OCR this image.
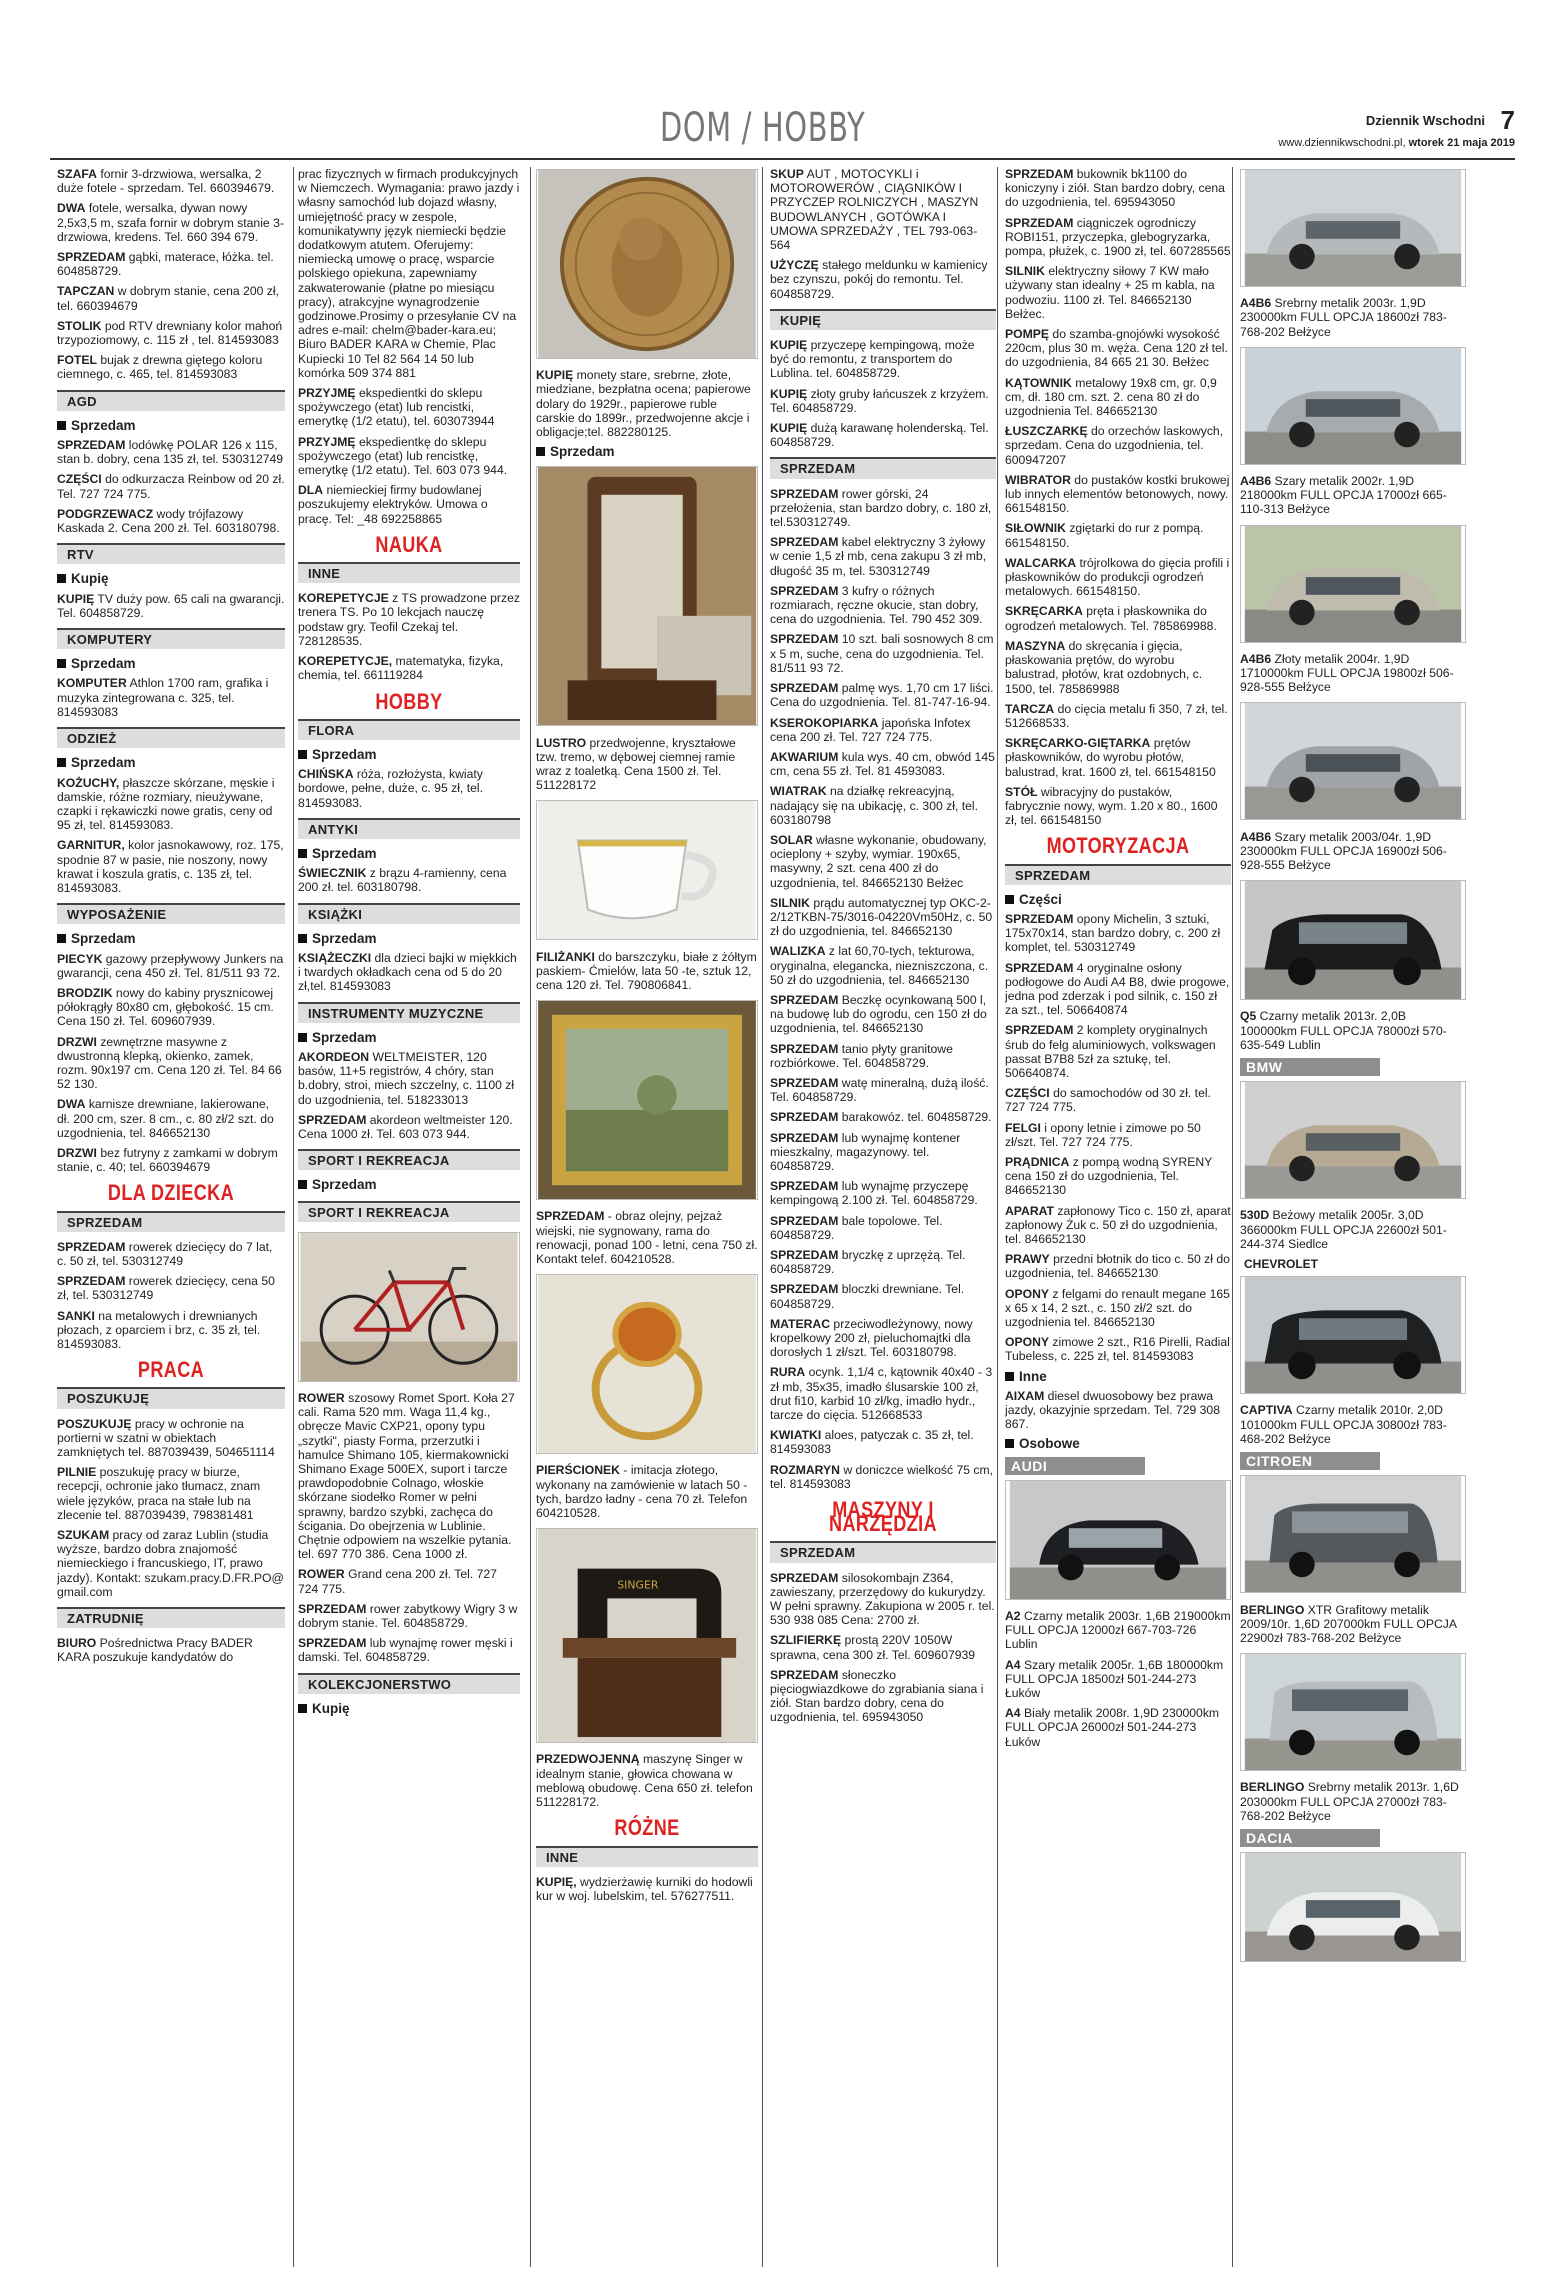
DOM / HOBBY	Dziennik Wschodni 7
www.dziennikwschodni.pl, wtorek 21 maja 2019
SZAFA fornir 3-drzwiowa, wersalka, 2 duże fotele - sprzedam. Tel. 660394679.
DWA fotele, wersalka, dywan nowy 2,5x3,5 m, szafa fornir w dobrym stanie 3-drzwiowa, kredens. Tel. 660 394 679.
SPRZEDAM gąbki, materace, łóżka. tel. 604858729.
TAPCZAN w dobrym stanie, cena 200 zł, tel. 660394679
STOLIK pod RTV drewniany kolor mahoń trzypoziomowy, c. 115 zł , tel. 814593083
FOTEL bujak z drewna giętego koloru ciemnego, c. 465, tel. 814593083
AGD
Sprzedam
SPRZEDAM lodówkę POLAR 126 x 115, stan b. dobry, cena 135 zł, tel. 530312749
CZĘŚCI do odkurzacza Reinbow od 20 zł. Tel. 727 724 775.
PODGRZEWACZ wody trójfazowy Kaskada 2. Cena 200 zł. Tel. 603180798.
RTV
Kupię
KUPIĘ TV duży pow. 65 cali na gwarancji. Tel. 604858729.
KOMPUTERY
Sprzedam
KOMPUTER Athlon 1700 ram, grafika i muzyka zintegrowana c. 325, tel. 814593083
ODZIEŻ
Sprzedam
KOŻUCHY, płaszcze skórzane, męskie i damskie, różne rozmiary, nieużywane, czapki i rękawiczki nowe gratis, ceny od 95 zł, tel. 814593083.
GARNITUR, kolor jasnokawowy, roz. 175, spodnie 87 w pasie, nie noszony, nowy krawat i koszula gratis, c. 135 zł, tel. 814593083.
WYPOSAŻENIE
Sprzedam
PIECYK gazowy przepływowy Junkers na gwarancji, cena 450 zł. Tel. 81/511 93 72.
BRODZIK nowy do kabiny prysznicowej półokrągły 80x80 cm, głębokość. 15 cm. Cena 150 zł. Tel. 609607939.
DRZWI zewnętrzne masywne z dwustronną klepką, okienko, zamek, rozm. 90x197 cm. Cena 120 zł. Tel. 84 66 52 130.
DWA karnisze drewniane, lakierowane, dł. 200 cm, szer. 8 cm., c. 80 zł/2 szt. do uzgodnienia, tel. 846652130
DRZWI bez futryny z zamkami w dobrym stanie, c. 40; tel. 660394679
DLA DZIECKA
SPRZEDAM
SPRZEDAM rowerek dziecięcy do 7 lat, c. 50 zł, tel. 530312749
SPRZEDAM rowerek dziecięcy, cena 50 zł, tel. 530312749
SANKI na metalowych i drewnianych płozach, z oparciem i brz, c. 35 zł, tel. 814593083.
PRACA
POSZUKUJĘ
POSZUKUJĘ pracy w ochronie na portierni w szatni w obiektach zamkniętych tel. 887039439, 504651114
PILNIE poszukuję pracy w biurze, recepcji, ochronie jako tłumacz, znam wiele języków, praca na stałe lub na zlecenie tel. 887039439, 798381481
SZUKAM pracy od zaraz Lublin (studia wyższe, bardzo dobra znajomość niemieckiego i francuskiego, IT, prawo jazdy). Kontakt: szukam.pracy.D.FR.PO@ gmail.com
ZATRUDNIĘ
BIURO Pośrednictwa Pracy BADER KARA poszukuje kandydatów do
prac fizycznych w firmach produkcyjnych w Niemczech. Wymagania: prawo jazdy i własny samochód lub dojazd własny, umiejętność pracy w zespole, komunikatywny język niemiecki będzie dodatkowym atutem. Oferujemy: niemiecką umowę o pracę, wsparcie polskiego opiekuna, zapewniamy zakwaterowanie (płatne po miesiącu pracy), atrakcyjne wynagrodzenie godzinowe.Prosimy o przesyłanie CV na adres e-mail: chelm@bader-kara.eu; Biuro BADER KARA w Chemie, Plac Kupiecki 10 Tel 82 564 14 50 lub komórka 509 374 881
PRZYJMĘ ekspedientki do sklepu spożywczego (etat) lub rencistki, emerytkę (1/2 etatu), tel. 603073944
PRZYJMĘ ekspedientkę do sklepu spożywczego (etat) lub rencistkę, emerytkę (1/2 etatu). Tel. 603 073 944.
DLA niemieckiej firmy budowlanej poszukujemy elektryków. Umowa o pracę. Tel: _48 692258865
NAUKA
INNE
KOREPETYCJE z TS prowadzone przez trenera TS. Po 10 lekcjach nauczę podstaw gry. Teofil Czekaj tel. 728128535.
KOREPETYCJE, matematyka, fizyka, chemia, tel. 661119284
HOBBY
FLORA
Sprzedam
CHIŃSKA róża, rozłożysta, kwiaty bordowe, pełne, duże, c. 95 zł, tel. 814593083.
ANTYKI
Sprzedam
ŚWIECZNIK z brązu 4-ramienny, cena 200 zł. tel. 603180798.
KSIĄŻKI
Sprzedam
KSIĄŻECZKI dla dzieci bajki w miękkich i twardych okładkach cena od 5 do 20 zł,tel. 814593083
INSTRUMENTY MUZYCZNE
Sprzedam
AKORDEON WELTMEISTER, 120 basów, 11+5 registrów, 4 chóry, stan b.dobry, stroi, miech szczelny, c. 1100 zł do uzgodnienia, tel. 518233013
SPRZEDAM akordeon weltmeister 120. Cena 1000 zł. Tel. 603 073 944.
SPORT I REKREACJA
Sprzedam
SPORT I REKREACJA
ROWER szosowy Romet Sport. Koła 27 cali. Rama 520 mm. Waga 11,4 kg., obręcze Mavic CXP21, opony typu „szytki", piasty Forma, przerzutki i hamulce Shimano 105, kiermakownicki Shimano Exage 500EX, suport i tarcze prawdopodobnie Colnago, włoskie skórzane siodełko Romer w pełni sprawny, bardzo szybki, zachęca do ścigania. Do obejrzenia w Lublinie. Chętnie odpowiem na wszelkie pytania. tel. 697 770 386. Cena 1000 zł.
ROWER Grand cena 200 zł. Tel. 727 724 775.
SPRZEDAM rower zabytkowy Wigry 3 w dobrym stanie. Tel. 604858729.
SPRZEDAM lub wynajmę rower męski i damski. Tel. 604858729.
KOLEKCJONERSTWO
Kupię
KUPIĘ monety stare, srebrne, złote, miedziane, bezpłatna ocena; papierowe dolary do 1929r., papierowe ruble carskie do 1899r., przedwojenne akcje i obligacje;tel. 882280125.
Sprzedam
LUSTRO przedwojenne, kryształowe tzw. tremo, w dębowej ciemnej ramie wraz z toaletką. Cena 1500 zł. Tel. 511228172
FILIŻANKI do barszczyku, białe z żółtym paskiem- Ćmielów, lata 50 -te, sztuk 12, cena 120 zł. Tel. 790806841.
SPRZEDAM - obraz olejny, pejzaż wiejski, nie sygnowany, rama do renowacji, ponad 100 - letni, cena 750 zł. Kontakt telef. 604210528.
PIERŚCIONEK - imitacja złotego, wykonany na zamówienie w latach 50 -tych, bardzo ładny - cena 70 zł. Telefon 604210528.
SINGER
PRZEDWOJENNĄ maszynę Singer w idealnym stanie, głowica chowana w meblową obudowę. Cena 650 zł. telefon 511228172.
RÓŻNE
INNE
KUPIĘ, wydzierżawię kurniki do hodowli kur w woj. lubelskim, tel. 576277511.
SKUP AUT , MOTOCYKLI i MOTOROWERÓW , CIĄGNIKÓW I PRZYCZEP ROLNICZYCH , MASZYN BUDOWLANYCH , GOTÓWKA I UMOWA SPRZEDAŻY , TEL 793-063-564
UŻYCZĘ stałego meldunku w kamienicy bez czynszu, pokój do remontu. Tel. 604858729.
KUPIĘ
KUPIĘ przyczepę kempingową, może być do remontu, z transportem do Lublina. tel. 604858729.
KUPIĘ złoty gruby łańcuszek z krzyżem. Tel. 604858729.
KUPIĘ dużą karawanę holenderską. Tel. 604858729.
SPRZEDAM
SPRZEDAM rower górski, 24 przełożenia, stan bardzo dobry, c. 180 zł, tel.530312749.
SPRZEDAM kabel elektryczny 3 żyłowy w cenie 1,5 zł mb, cena zakupu 3 zł mb, długość 35 m, tel. 530312749
SPRZEDAM 3 kufry o różnych rozmiarach, ręczne okucie, stan dobry, cena do uzgodnienia. Tel. 790 452 309.
SPRZEDAM 10 szt. bali sosnowych 8 cm x 5 m, suche, cena do uzgodnienia. Tel. 81/511 93 72.
SPRZEDAM palmę wys. 1,70 cm 17 liści. Cena do uzgodnienia. Tel. 81-747-16-94.
KSEROKOPIARKA japońska Infotex cena 200 zł. Tel. 727 724 775.
AKWARIUM kula wys. 40 cm, obwód 145 cm, cena 55 zł. Tel. 81 4593083.
WIATRAK na działkę rekreacyjną, nadający się na ubikację, c. 300 zł, tel. 603180798
SOLAR własne wykonanie, obudowany, ocieplony + szyby, wymiar. 190x65, masywny, 2 szt. cena 400 zł do uzgodnienia, tel. 846652130 Bełżec
SILNIK prądu automatycznej typ OKC-2-2/12TKBN-75/3016-04220Vm50Hz, c. 50 zł do uzgodnienia, tel. 846652130
WALIZKA z lat 60,70-tych, tekturowa, oryginalna, elegancka, niezniszczona, c. 50 zł do uzgodnienia, tel. 846652130
SPRZEDAM Beczkę ocynkowaną 500 l, na budowę lub do ogrodu, cen 150 zł do uzgodnienia, tel. 846652130
SPRZEDAM tanio płyty granitowe rozbiórkowe. Tel. 604858729.
SPRZEDAM watę mineralną, dużą ilość. Tel. 604858729.
SPRZEDAM barakowóz. tel. 604858729.
SPRZEDAM lub wynajmę kontener mieszkalny, magazynowy. tel. 604858729.
SPRZEDAM lub wynajmę przyczepę kempingową 2.100 zł. Tel. 604858729.
SPRZEDAM bale topolowe. Tel. 604858729.
SPRZEDAM bryczkę z uprzężą. Tel. 604858729.
SPRZEDAM bloczki drewniane. Tel. 604858729.
MATERAC przeciwodleżynowy, nowy kropelkowy 200 zł, pieluchomajtki dla dorosłych 1 zł/szt. Tel. 603180798.
RURA ocynk. 1,1/4 c, kątownik 40x40 - 3 zł mb, 35x35, imadło ślusarskie 100 zł, drut fi10, karbid 10 zł/kg, imadło hydr., tarcze do cięcia. 512668533
KWIATKI aloes, patyczak c. 35 zł, tel. 814593083
ROZMARYN w doniczce wielkość 75 cm, tel. 814593083
MASZYNY I NARZĘDZIA
SPRZEDAM
SPRZEDAM silosokombajn Z364, zawieszany, przerzędowy do kukurydzy. W pełni sprawny. Zakupiona w 2005 r. tel. 530 938 085 Cena: 2700 zł.
SZLIFIERKĘ prostą 220V 1050W sprawna, cena 300 zł. Tel. 609607939
SPRZEDAM słoneczko pięciogwiazdkowe do zgrabiania siana i ziół. Stan bardzo dobry, cena do uzgodnienia, tel. 695943050
SPRZEDAM bukownik bk1100 do koniczyny i ziół. Stan bardzo dobry, cena do uzgodnienia, tel. 695943050
SPRZEDAM ciągniczek ogrodniczy ROBI151, przyczepka, glebogryzarka, pompa, płużek, c. 1900 zł, tel. 607285565
SILNIK elektryczny siłowy 7 KW mało używany stan idealny + 25 m kabla, na podwoziu. 1100 zł. Tel. 846652130 Bełżec.
POMPĘ do szamba-gnojówki wysokość 220cm, plus 30 m. węża. Cena 120 zł tel. do uzgodnienia, 84 665 21 30. Bełżec
KĄTOWNIK metalowy 19x8 cm, gr. 0,9 cm, dł. 180 cm. szt. 2. cena 80 zł do uzgodnienia Tel. 846652130
ŁUSZCZARKĘ do orzechów laskowych, sprzedam. Cena do uzgodnienia, tel. 600947207
WIBRATOR do pustaków kostki brukowej lub innych elementów betonowych, nowy. 661548150.
SIŁOWNIK zgiętarki do rur z pompą. 661548150.
WALCARKA trójrolkowa do gięcia profili i płaskowników do produkcji ogrodzeń metalowych. 661548150.
SKRĘCARKA pręta i płaskownika do ogrodzeń metalowych. Tel. 785869988.
MASZYNA do skręcania i gięcia, płaskowania prętów, do wyrobu balustrad, płotów, krat ozdobnych, c. 1500, tel. 785869988
TARCZA do cięcia metalu fi 350, 7 zł, tel. 512668533.
SKRĘCARKO-GIĘTARKA prętów płaskowników, do wyrobu płotów, balustrad, krat. 1600 zł, tel. 661548150
STÓŁ wibracyjny do pustaków, fabrycznie nowy, wym. 1.20 x 80., 1600 zł, tel. 661548150
MOTORYZACJA
SPRZEDAM
Części
SPRZEDAM opony Michelin, 3 sztuki, 175x70x14, stan bardzo dobry, c. 200 zł komplet, tel. 530312749
SPRZEDAM 4 oryginalne osłony podłogowe do Audi A4 B8, dwie progowe, jedna pod zderzak i pod silnik, c. 150 zł za szt., tel. 506640874
SPRZEDAM 2 komplety oryginalnych śrub do felg aluminiowych, volkswagen passat B7B8 5zł za sztukę, tel. 506640874.
CZĘŚCI do samochodów od 30 zł. tel. 727 724 775.
FELGI i opony letnie i zimowe po 50 zł/szt. Tel. 727 724 775.
PRĄDNICA z pompą wodną SYRENY cena 150 zł do uzgodnienia, Tel. 846652130
APARAT zapłonowy Tico c. 150 zł, aparat zapłonowy Żuk c. 50 zł do uzgodnienia, tel. 846652130
PRAWY przedni błotnik do tico c. 50 zł do uzgodnienia, tel. 846652130
OPONY z felgami do renault megane 165 x 65 x 14, 2 szt., c. 150 zł/2 szt. do uzgodnienia tel. 846652130
OPONY zimowe 2 szt., R16 Pirelli, Radial Tubeless, c. 225 zł, tel. 814593083
Inne
AIXAM diesel dwuosobowy bez prawa jazdy, okazyjnie sprzedam. Tel. 729 308 867.
Osobowe
AUDI
A2 Czarny metalik 2003r. 1,6B 219000km FULL OPCJA 12000zł 667-703-726 Lublin
A4 Szary metalik 2005r. 1,6B 180000km FULL OPCJA 18500zł 501-244-273 Łuków
A4 Biały metalik 2008r. 1,9D 230000km FULL OPCJA 26000zł 501-244-273 Łuków
A4B6 Srebrny metalik 2003r. 1,9D 230000km FULL OPCJA 18600zł 783-768-202 Bełżyce
A4B6 Szary metalik 2002r. 1,9D 218000km FULL OPCJA 17000zł 665-110-313 Bełżyce
A4B6 Złoty metalik 2004r. 1,9D 1710000km FULL OPCJA 19800zł 506-928-555 Bełżyce
A4B6 Szary metalik 2003/04r. 1,9D 230000km FULL OPCJA 16900zł 506-928-555 Bełżyce
Q5 Czarny metalik 2013r. 2,0B 100000km FULL OPCJA 78000zł 570-635-549 Lublin
BMW
530D Beżowy metalik 2005r. 3,0D 366000km FULL OPCJA 22600zł 501-244-374 Siedlce
CHEVROLET
CAPTIVA Czarny metalik 2010r. 2,0D 101000km FULL OPCJA 30800zł 783-468-202 Bełżyce
CITROEN
BERLINGO XTR Grafitowy metalik 2009/10r. 1,6D 207000km FULL OPCJA 22900zł 783-768-202 Bełżyce
BERLINGO Srebrny metalik 2013r. 1,6D 203000km FULL OPCJA 27000zł 783-768-202 Bełżyce
DACIA
